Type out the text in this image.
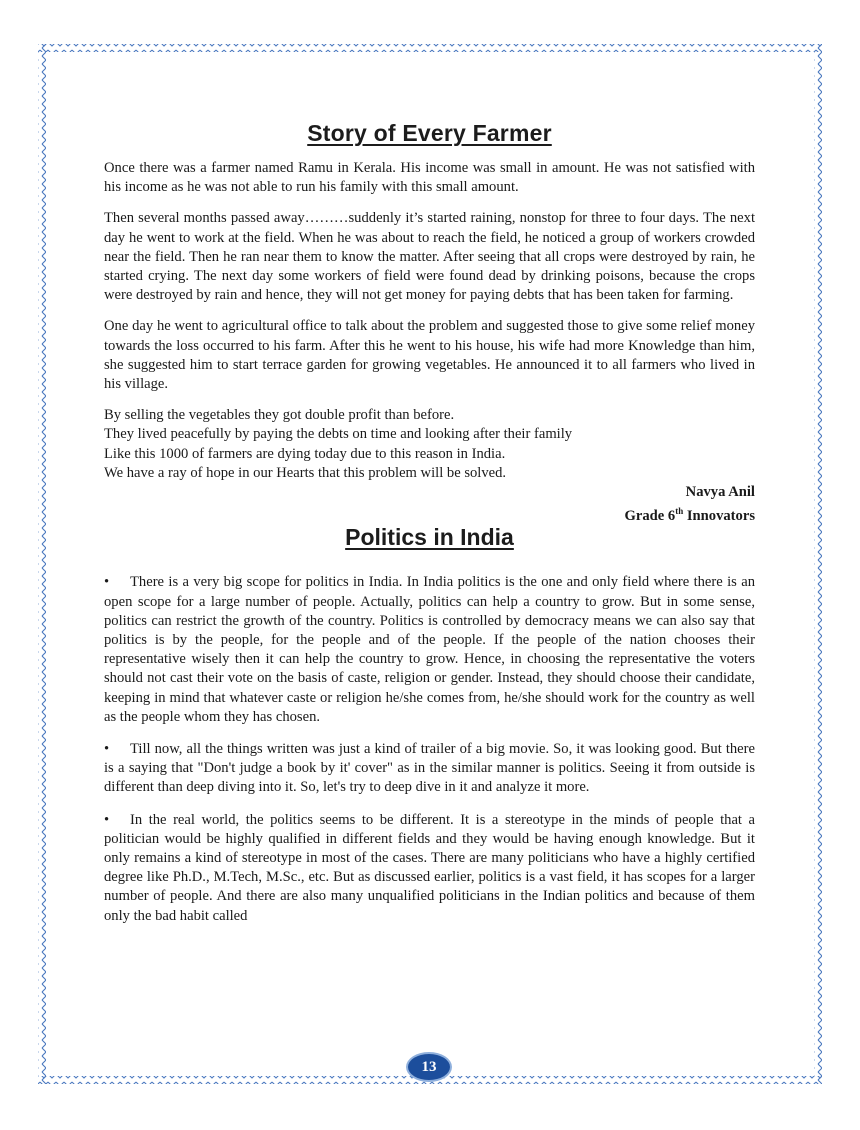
Story of Every Farmer

Once there was a farmer named Ramu in Kerala. His income was small in amount. He was not satisfied with his income as he was not able to run his family with this small amount.

Then several months passed away………suddenly it’s started raining, nonstop for three to four days. The next day he went to work at the field. When he was about to reach the field, he noticed a group of workers crowded near the field. Then he ran near them to know the matter. After seeing that all crops were destroyed by rain, he started crying. The next day some workers of field were found dead by drinking poisons, because the crops were destroyed by rain and hence, they will not get money for paying debts that has been taken for farming.

One day he went to agricultural office to talk about the problem and suggested those to give some relief money towards the loss occurred to his farm. After this he went to his house, his wife had more Knowledge than him, she suggested him to start terrace garden for growing vegetables. He announced it to all farmers who lived in his village.

By selling the vegetables they got double profit than before.
They lived peacefully by paying the debts on time and looking after their family
Like this 1000 of farmers are dying today due to this reason in India.
We have a ray of hope in our Hearts that this problem will be solved.
Navya Anil
Grade 6th Innovators
Politics in India

• There is a very big scope for politics in India. In India politics is the one and only field where there is an open scope for a large number of people. Actually, politics can help a country to grow. But in some sense, politics can restrict the growth of the country. Politics is controlled by democracy means we can also say that politics is by the people, for the people and of the people. If the people of the nation chooses their representative wisely then it can help the country to grow. Hence, in choosing the representative the voters should not cast their vote on the basis of caste, religion or gender. Instead, they should choose their candidate, keeping in mind that whatever caste or religion he/she comes from, he/she should work for the country as well as the people whom they has chosen.

• Till now, all the things written was just a kind of trailer of a big movie. So, it was looking good. But there is a saying that "Don't judge a book by it' cover" as in the similar manner is politics. Seeing it from outside is different than deep diving into it. So, let's try to deep dive in it and analyze it more.

• In the real world, the politics seems to be different. It is a stereotype in the minds of people that a politician would be highly qualified in different fields and they would be having enough knowledge. But it only remains a kind of stereotype in most of the cases. There are many politicians who have a highly certified degree like Ph.D., M.Tech, M.Sc., etc. But as discussed earlier, politics is a vast field, it has scopes for a larger number of people. And there are also many unqualified politicians in the Indian politics and because of them only the bad habit called

13
